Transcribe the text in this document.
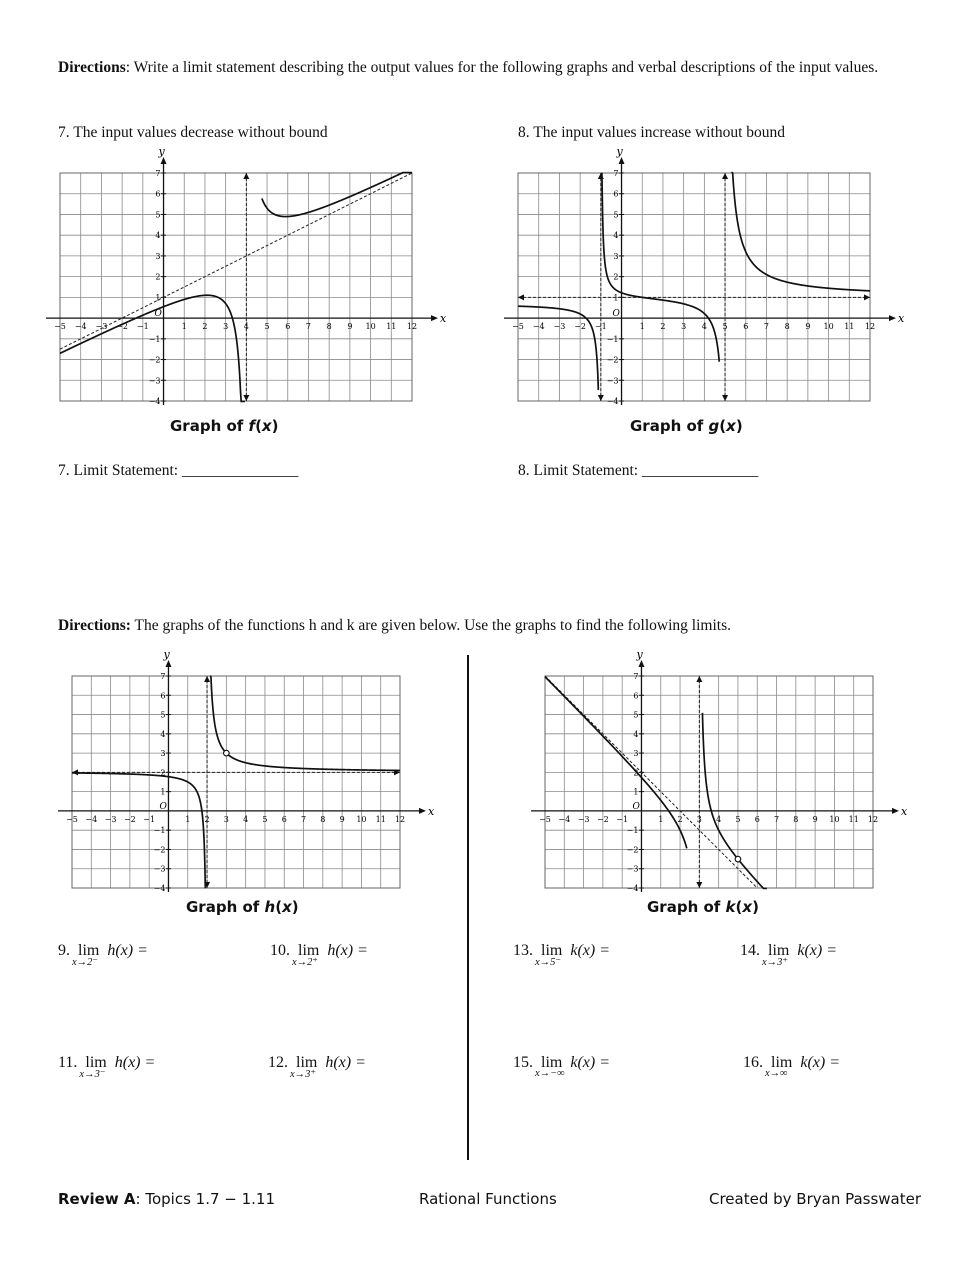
Directions: Write a limit statement describing the output values for the following graphs and verbal descriptions of the input values.
7. The input values decrease without bound	8. The input values increase without bound
x
y
O
−5 −4 −3 −2 −1	1 2 3 4 5 6 7 8 9 10 11 12
−4
−3
−2
−1
1
2
3
4
5
6
7
Graph of f(x)
x
y
O
−5 −4 −3 −2 −1	1 2 3 4 5 6 7 8 9 10 11 12
−4
−3
−2
−1
1
2
3
4
5
6
7
Graph of g(x)
7. Limit Statement: _______________	8. Limit Statement: _______________
Directions: The graphs of the functions h and k are given below. Use the graphs to find the following limits.
x
y
O
−5 −4 −3 −2 −1	1 2 3 4 5 6 7 8 9 10 11 12
−4
−3
−2
−1
1
2
3
4
5
6
7
Graph of h(x)
x
y
O
−5 −4 −3 −2 −1	1 2 3 4 5 6 7 8 9 10 11 12
−4
−3
−2
−1
1
2
3
4
5
6
7
Graph of k(x)
9. lim
x→2⁻
h(x) =	10. lim
x→2⁺
h(x) =
11. lim
x→3⁻
h(x) =	12. lim
x→3⁺
h(x) =
13. lim
x→5⁻
k(x) =	14. lim
x→3⁺
k(x) =
15. lim
x→−∞
k(x) =	16. lim
x→∞
k(x) =
Review A: Topics 1.7 − 1.11	Rational Functions	Created by Bryan Passwater
